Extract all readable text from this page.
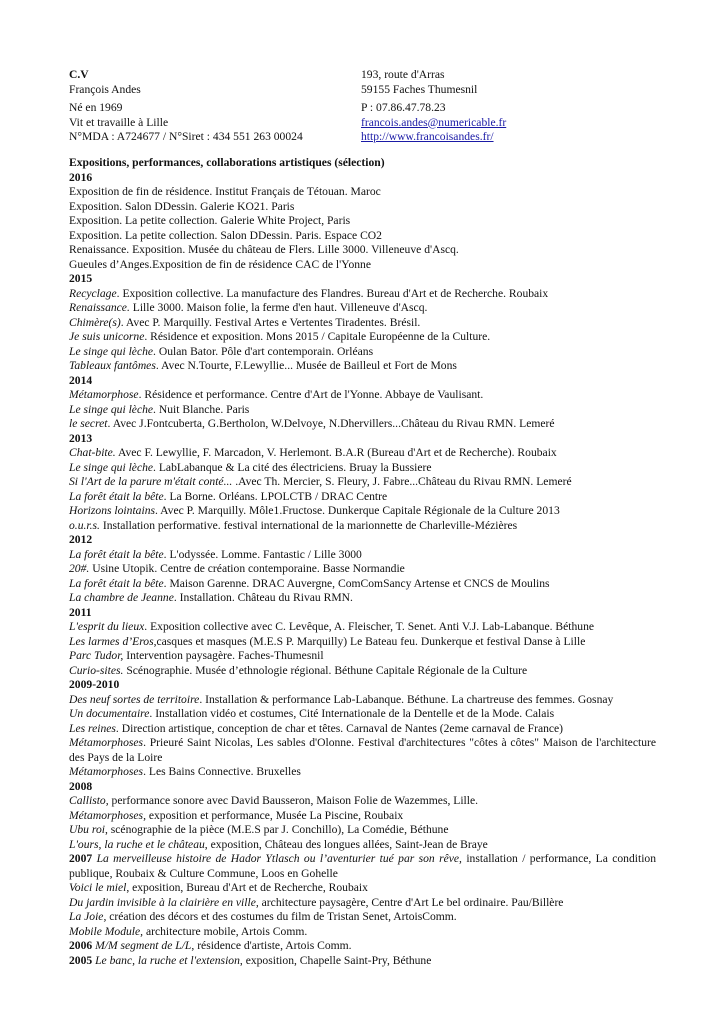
C.V
François Andes
Né en 1969
Vit et travaille à Lille
N°MDA : A724677 / N°Siret : 434 551 263 00024
193, route d'Arras
59155 Faches Thumesnil
P : 07.86.47.78.23
francois.andes@numericable.fr
http://www.francoisandes.fr/
Expositions, performances, collaborations artistiques (sélection)
2016
Exposition de fin de résidence. Institut Français de Tétouan. Maroc
Exposition. Salon DDessin. Galerie KO21. Paris
Exposition. La petite collection. Galerie White Project, Paris
Exposition. La petite collection. Salon DDessin. Paris. Espace CO2
Renaissance. Exposition. Musée du château de Flers. Lille 3000. Villeneuve d'Ascq.
Gueules d’Anges.Exposition de fin de résidence CAC de l'Yonne
2015
Recyclage. Exposition collective. La manufacture des Flandres. Bureau d'Art et de Recherche. Roubaix
Renaissance. Lille 3000. Maison folie, la ferme d'en haut. Villeneuve d'Ascq.
Chimère(s). Avec P. Marquilly. Festival Artes e Vertentes Tiradentes. Brésil.
Je suis unicorne. Résidence et exposition. Mons 2015 / Capitale Européenne de la Culture.
Le singe qui lèche. Oulan Bator. Pôle d'art contemporain. Orléans
Tableaux fantômes. Avec N.Tourte, F.Lewyllie... Musée de Bailleul et Fort de Mons
2014
Métamorphose. Résidence et performance. Centre d'Art de l'Yonne. Abbaye de Vaulisant.
Le singe qui lèche. Nuit Blanche. Paris
le secret. Avec J.Fontcuberta, G.Bertholon, W.Delvoye, N.Dhervillers...Château du Rivau RMN. Lemeré
2013
Chat-bite. Avec F. Lewyllie, F. Marcadon, V. Herlemont. B.A.R (Bureau d'Art et de Recherche). Roubaix
Le singe qui lèche. LabLabanque & La cité des électriciens. Bruay la Bussiere
Si l'Art de la parure m'était conté... .Avec Th. Mercier, S. Fleury, J. Fabre...Château du Rivau RMN. Lemeré
La forêt était la bête. La Borne. Orléans. LPOLCTB / DRAC Centre
Horizons lointains. Avec P. Marquilly. Môle1.Fructose. Dunkerque Capitale Régionale de la Culture 2013
o.u.r.s. Installation performative. festival international de la marionnette de Charleville-Mézières
2012
La forêt était la bête. L'odyssée. Lomme. Fantastic / Lille 3000
20#. Usine Utopik. Centre de création contemporaine. Basse Normandie
La forêt était la bête. Maison Garenne. DRAC Auvergne, ComComSancy Artense et CNCS de Moulins
La chambre de Jeanne. Installation. Château du Rivau RMN.
2011
L'esprit du lieux. Exposition collective avec C. Levêque, A. Fleischer, T. Senet. Anti V.J. Lab-Labanque. Béthune
Les larmes d’Eros,casques et masques (M.E.S P. Marquilly) Le Bateau feu. Dunkerque et festival Danse à Lille
Parc Tudor, Intervention paysagère. Faches-Thumesnil
Curio-sites. Scénographie. Musée d’ethnologie régional. Béthune Capitale Régionale de la Culture
2009-2010
Des neuf sortes de territoire. Installation & performance Lab-Labanque. Béthune. La chartreuse des femmes. Gosnay
Un documentaire. Installation vidéo et costumes, Cité Internationale de la Dentelle et de la Mode. Calais
Les reines. Direction artistique, conception de char et têtes. Carnaval de Nantes (2eme carnaval de France)
Métamorphoses. Prieuré Saint Nicolas, Les sables d'Olonne. Festival d'architectures "côtes à côtes" Maison de l'architecture des Pays de la Loire
Métamorphoses. Les Bains Connective. Bruxelles
2008
Callisto, performance sonore avec David Bausseron, Maison Folie de Wazemmes, Lille.
Métamorphoses, exposition et performance, Musée La Piscine, Roubaix
Ubu roi, scénographie de la pièce (M.E.S par J. Conchillo), La Comédie, Béthune
L'ours, la ruche et le château, exposition, Château des longues allées, Saint-Jean de Braye
2007 La merveilleuse histoire de Hador Ytlasch ou l’aventurier tué par son rêve, installation / performance, La condition publique, Roubaix & Culture Commune, Loos en Gohelle
Voici le miel, exposition, Bureau d'Art et de Recherche, Roubaix
Du jardin invisible à la clairière en ville, architecture paysagère, Centre d'Art Le bel ordinaire. Pau/Billère
La Joie, création des décors et des costumes du film de Tristan Senet, ArtoisComm.
Mobile Module, architecture mobile, Artois Comm.
2006 M/M segment de L/L, résidence d'artiste, Artois Comm.
2005 Le banc, la ruche et l'extension, exposition, Chapelle Saint-Pry, Béthune
